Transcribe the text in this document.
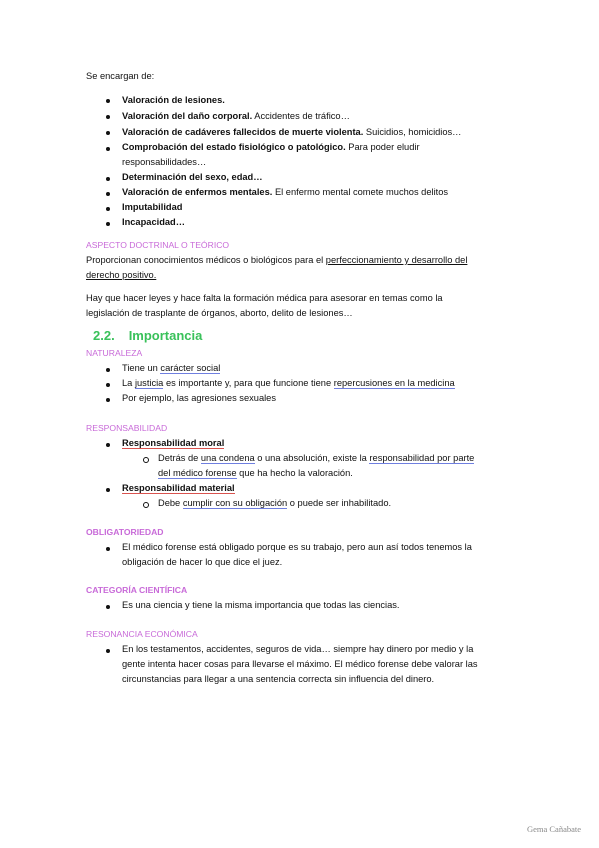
Se encargan de:
Valoración de lesiones.
Valoración del daño corporal. Accidentes de tráfico…
Valoración de cadáveres fallecidos de muerte violenta. Suicidios, homicidios…
Comprobación del estado fisiológico o patológico. Para poder eludir
responsabilidades…
Determinación del sexo, edad…
Valoración de enfermos mentales. El enfermo mental comete muchos delitos
Imputabilidad
Incapacidad…
ASPECTO DOCTRINAL O TEÓRICO
Proporcionan conocimientos médicos o biológicos para el perfeccionamiento y desarrollo del
derecho positivo.
Hay que hacer leyes y hace falta la formación médica para asesorar en temas como la
legislación de trasplante de órganos, aborto, delito de lesiones…
2.2. Importancia
NATURALEZA
Tiene un carácter social
La justicia es importante y, para que funcione tiene repercusiones en la medicina
Por ejemplo, las agresiones sexuales
RESPONSABILIDAD
Responsabilidad moral
Detrás de una condena o una absolución, existe la responsabilidad por parte
del médico forense que ha hecho la valoración.
Responsabilidad material
Debe cumplir con su obligación o puede ser inhabilitado.
OBLIGATORIEDAD
El médico forense está obligado porque es su trabajo, pero aun así todos tenemos la
obligación de hacer lo que dice el juez.
CATEGORÍA CIENTÍFICA
Es una ciencia y tiene la misma importancia que todas las ciencias.
RESONANCIA ECONÓMICA
En los testamentos, accidentes, seguros de vida… siempre hay dinero por medio y la
gente intenta hacer cosas para llevarse el máximo. El médico forense debe valorar las
circunstancias para llegar a una sentencia correcta sin influencia del dinero.
Gema Cañabate
